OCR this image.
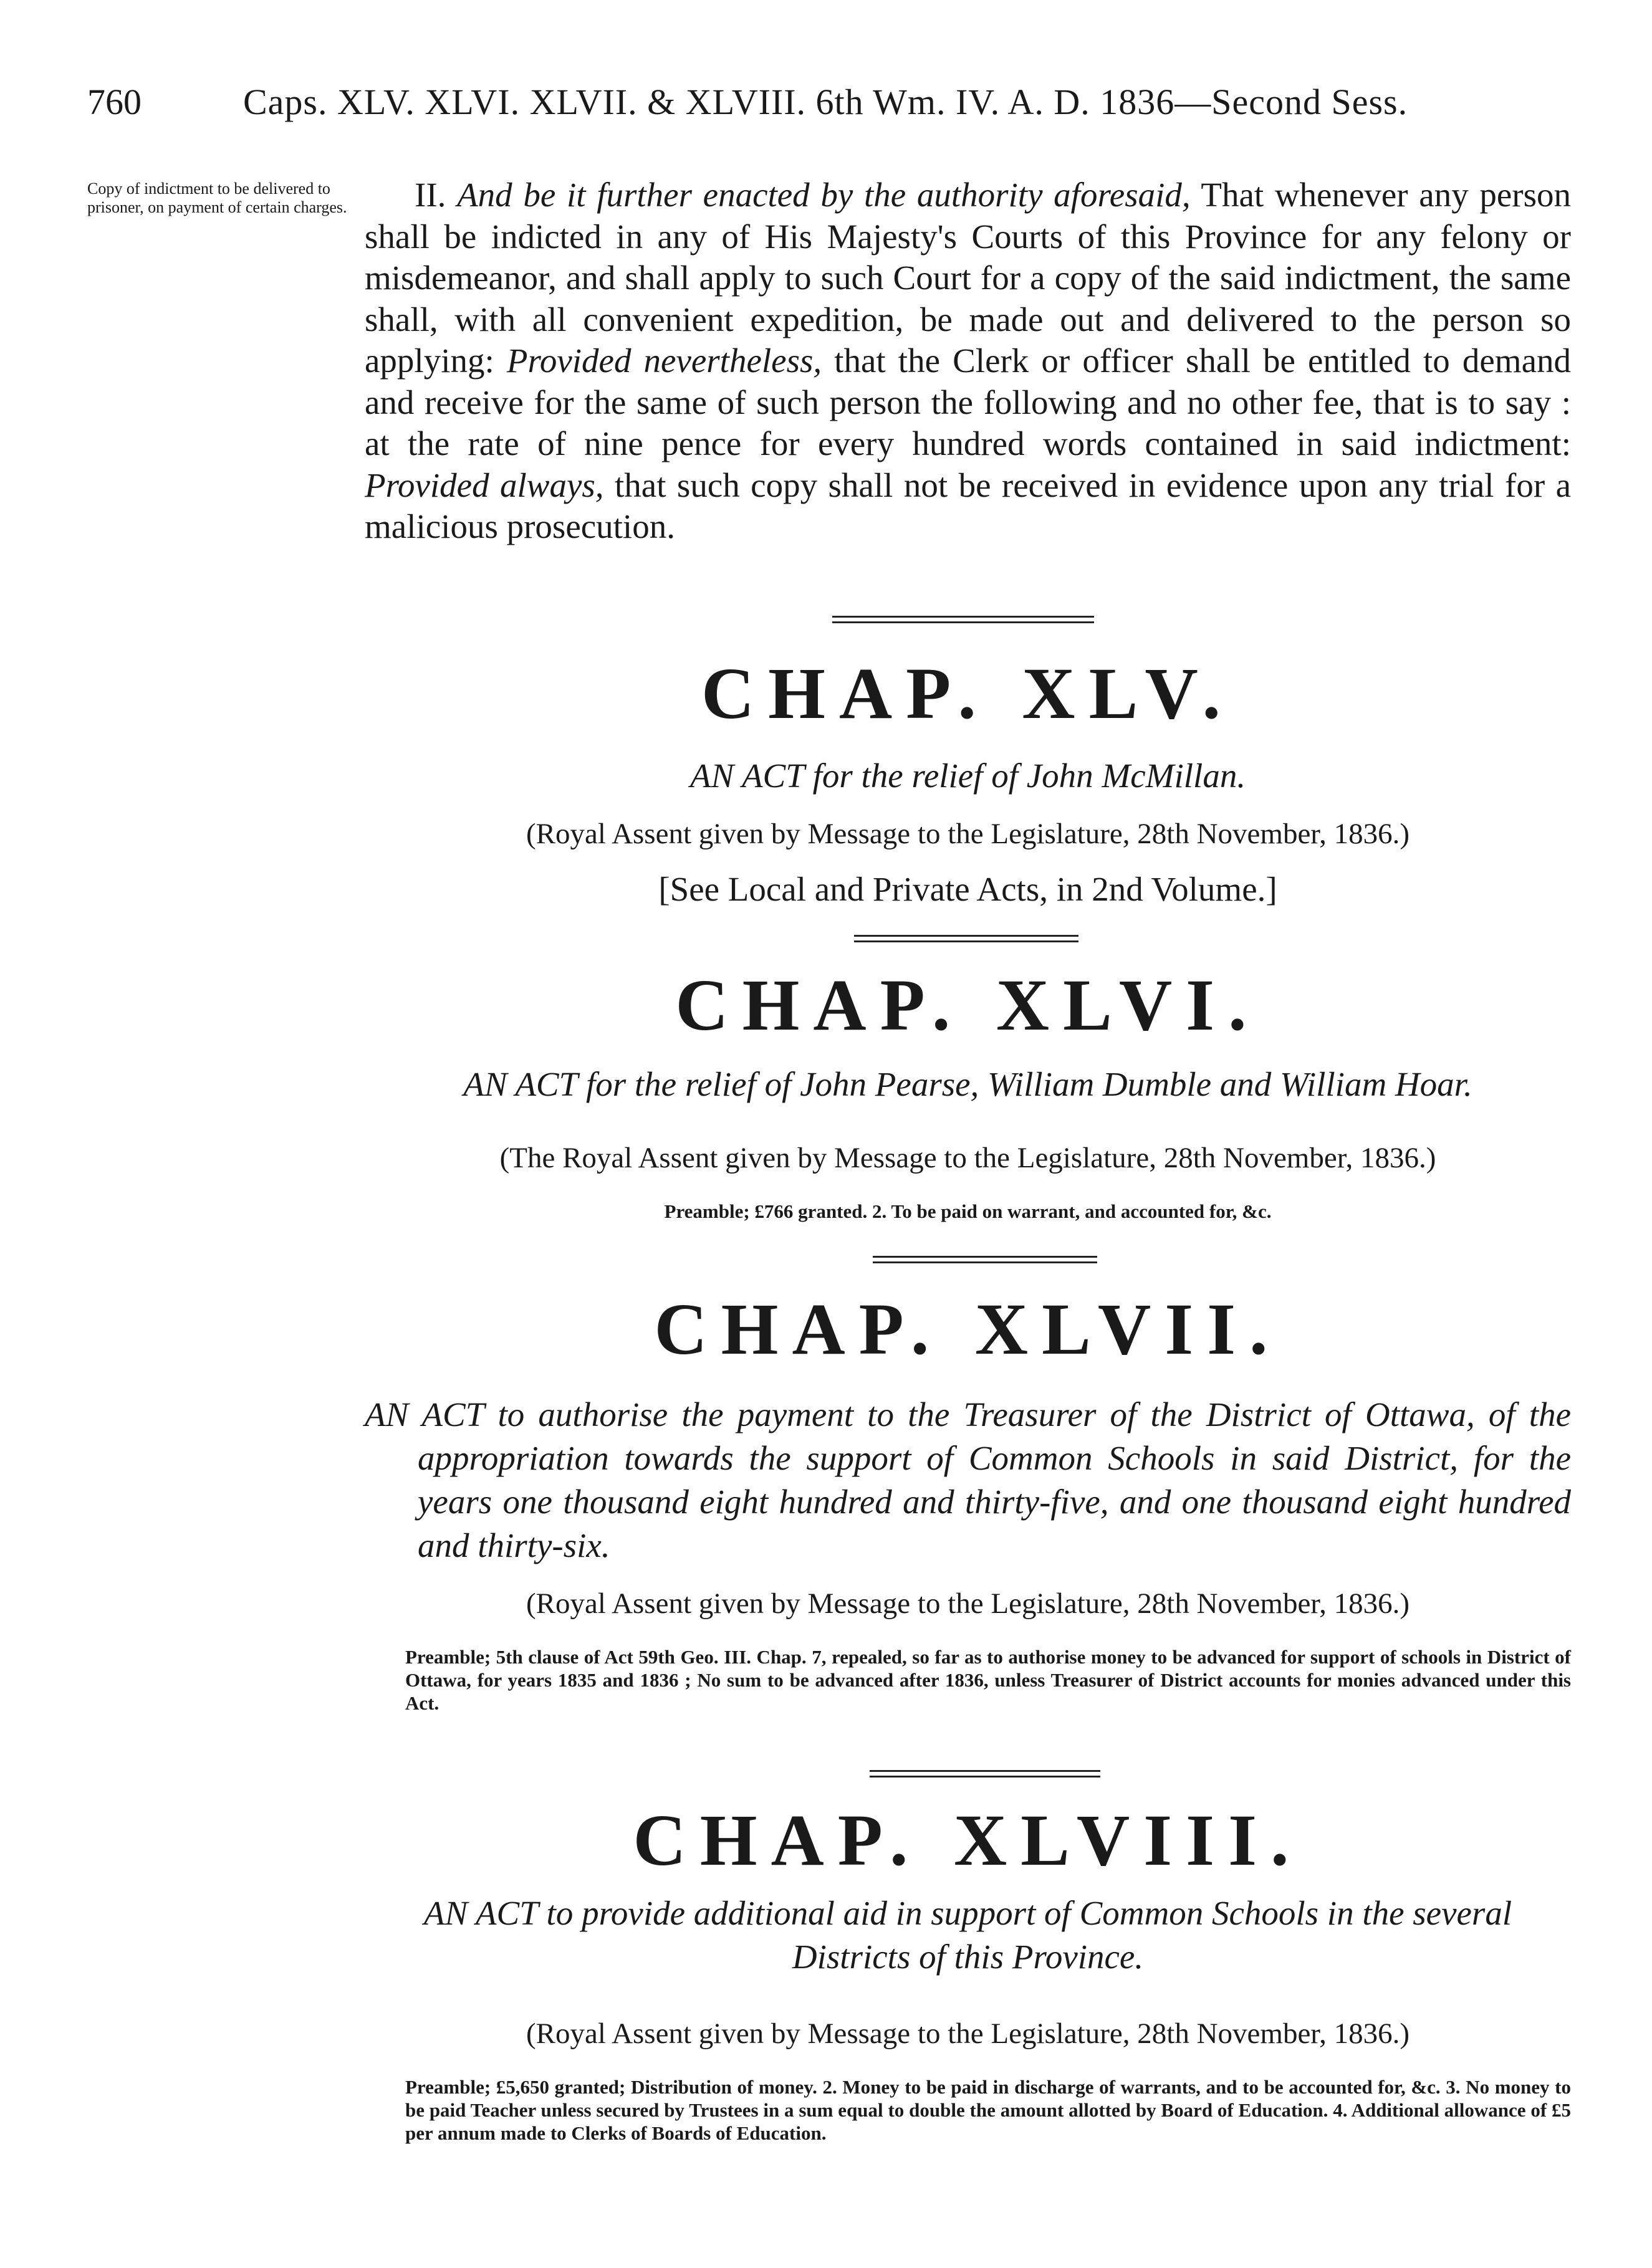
760	Caps. XLV. XLVI. XLVII. & XLVIII. 6th Wm. IV. A. D. 1836—Second Sess.
Copy of indictment to be delivered to prisoner, on payment of certain charges.	II. And be it further enacted by the authority aforesaid, That whenever any person shall be indicted in any of His Majesty's Courts of this Province for any felony or misdemeanor, and shall apply to such Court for a copy of the said indictment, the same shall, with all convenient expedition, be made out and delivered to the person so applying: Provided nevertheless, that the Clerk or officer shall be entitled to demand and receive for the same of such person the following and no other fee, that is to say : at the rate of nine pence for every hundred words contained in said indictment: Provided always, that such copy shall not be received in evidence upon any trial for a malicious prosecution.

CHAP. XLV.
AN ACT for the relief of John McMillan.
(Royal Assent given by Message to the Legislature, 28th November, 1836.)
[See Local and Private Acts, in 2nd Volume.]
CHAP. XLVI.
AN ACT for the relief of John Pearse, William Dumble and William Hoar.
(The Royal Assent given by Message to the Legislature, 28th November, 1836.)
Preamble; £766 granted. 2. To be paid on warrant, and accounted for, &c.
CHAP. XLVII.
AN ACT to authorise the payment to the Treasurer of the District of Ottawa, of the appropriation towards the support of Common Schools in said District, for the years one thousand eight hundred and thirty-five, and one thousand eight hundred and thirty-six.
(Royal Assent given by Message to the Legislature, 28th November, 1836.)
Preamble; 5th clause of Act 59th Geo. III. Chap. 7, repealed, so far as to authorise money to be advanced for support of schools in District of Ottawa, for years 1835 and 1836 ; No sum to be advanced after 1836, unless Treasurer of District accounts for monies advanced under this Act.
CHAP. XLVIII.
AN ACT to provide additional aid in support of Common Schools in the several Districts of this Province.
(Royal Assent given by Message to the Legislature, 28th November, 1836.)
Preamble; £5,650 granted; Distribution of money. 2. Money to be paid in discharge of warrants, and to be accounted for, &c. 3. No money to be paid Teacher unless secured by Trustees in a sum equal to double the amount allotted by Board of Education. 4. Additional allowance of £5 per annum made to Clerks of Boards of Education.
